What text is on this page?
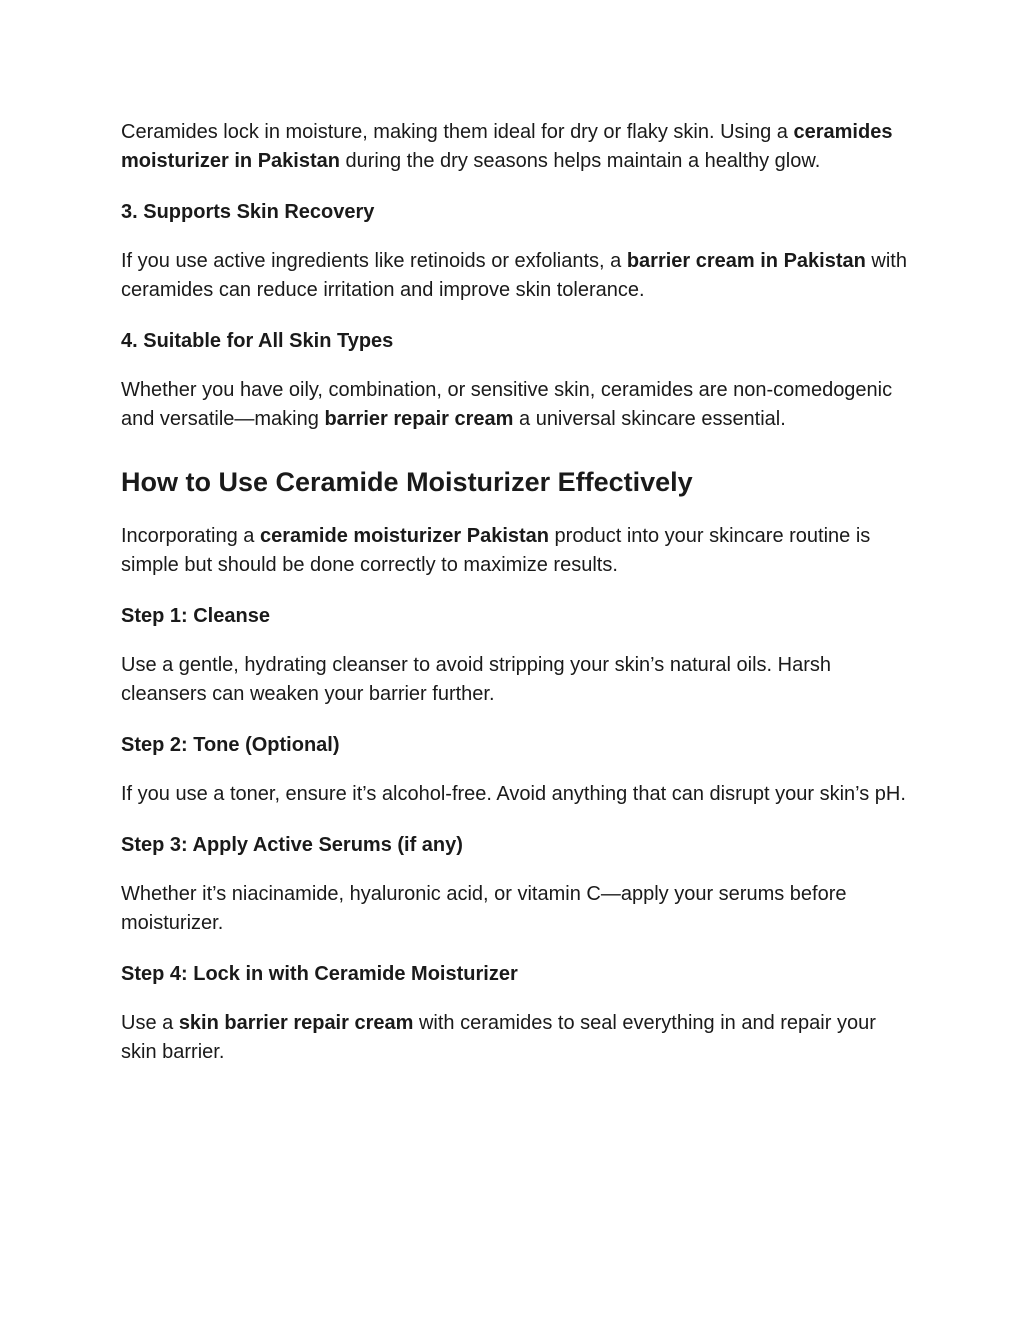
Ceramides lock in moisture, making them ideal for dry or flaky skin. Using a ceramides moisturizer in Pakistan during the dry seasons helps maintain a healthy glow.

3. Supports Skin Recovery

If you use active ingredients like retinoids or exfoliants, a barrier cream in Pakistan with ceramides can reduce irritation and improve skin tolerance.

4. Suitable for All Skin Types

Whether you have oily, combination, or sensitive skin, ceramides are non-comedogenic and versatile—making barrier repair cream a universal skincare essential.

How to Use Ceramide Moisturizer Effectively

Incorporating a ceramide moisturizer Pakistan product into your skincare routine is simple but should be done correctly to maximize results.

Step 1: Cleanse

Use a gentle, hydrating cleanser to avoid stripping your skin’s natural oils. Harsh cleansers can weaken your barrier further.

Step 2: Tone (Optional)

If you use a toner, ensure it’s alcohol-free. Avoid anything that can disrupt your skin’s pH.

Step 3: Apply Active Serums (if any)

Whether it’s niacinamide, hyaluronic acid, or vitamin C—apply your serums before moisturizer.

Step 4: Lock in with Ceramide Moisturizer

Use a skin barrier repair cream with ceramides to seal everything in and repair your skin barrier.
